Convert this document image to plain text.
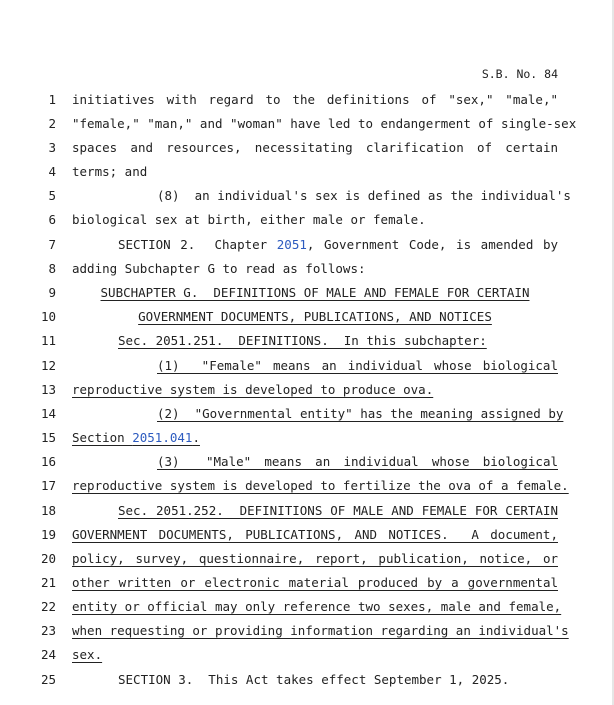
S.B. No. 84
1 initiatives with regard to the definitions of "sex," "male,"
2 "female," "man," and "woman" have led to endangerment of single-sex
3 spaces and resources, necessitating clarification of certain
4 terms; and
5	(8)  an individual's sex is defined as the individual's
6 biological sex at birth, either male or female.
7	SECTION 2.  Chapter 2051, Government Code, is amended by
8 adding Subchapter G to read as follows:
9	SUBCHAPTER G.  DEFINITIONS OF MALE AND FEMALE FOR CERTAIN
10	GOVERNMENT DOCUMENTS, PUBLICATIONS, AND NOTICES
11	Sec. 2051.251.  DEFINITIONS.  In this subchapter:
12	(1)  "Female" means an individual whose biological
13 reproductive system is developed to produce ova.
14	(2)  "Governmental entity" has the meaning assigned by
15 Section 2051.041.
16	(3)  "Male" means an individual whose biological
17 reproductive system is developed to fertilize the ova of a female.
18	Sec. 2051.252.  DEFINITIONS OF MALE AND FEMALE FOR CERTAIN
19 GOVERNMENT DOCUMENTS, PUBLICATIONS, AND NOTICES.  A document,
20 policy, survey, questionnaire, report, publication, notice, or
21 other written or electronic material produced by a governmental
22 entity or official may only reference two sexes, male and female,
23 when requesting or providing information regarding an individual's
24 sex.
25	SECTION 3.  This Act takes effect September 1, 2025.
